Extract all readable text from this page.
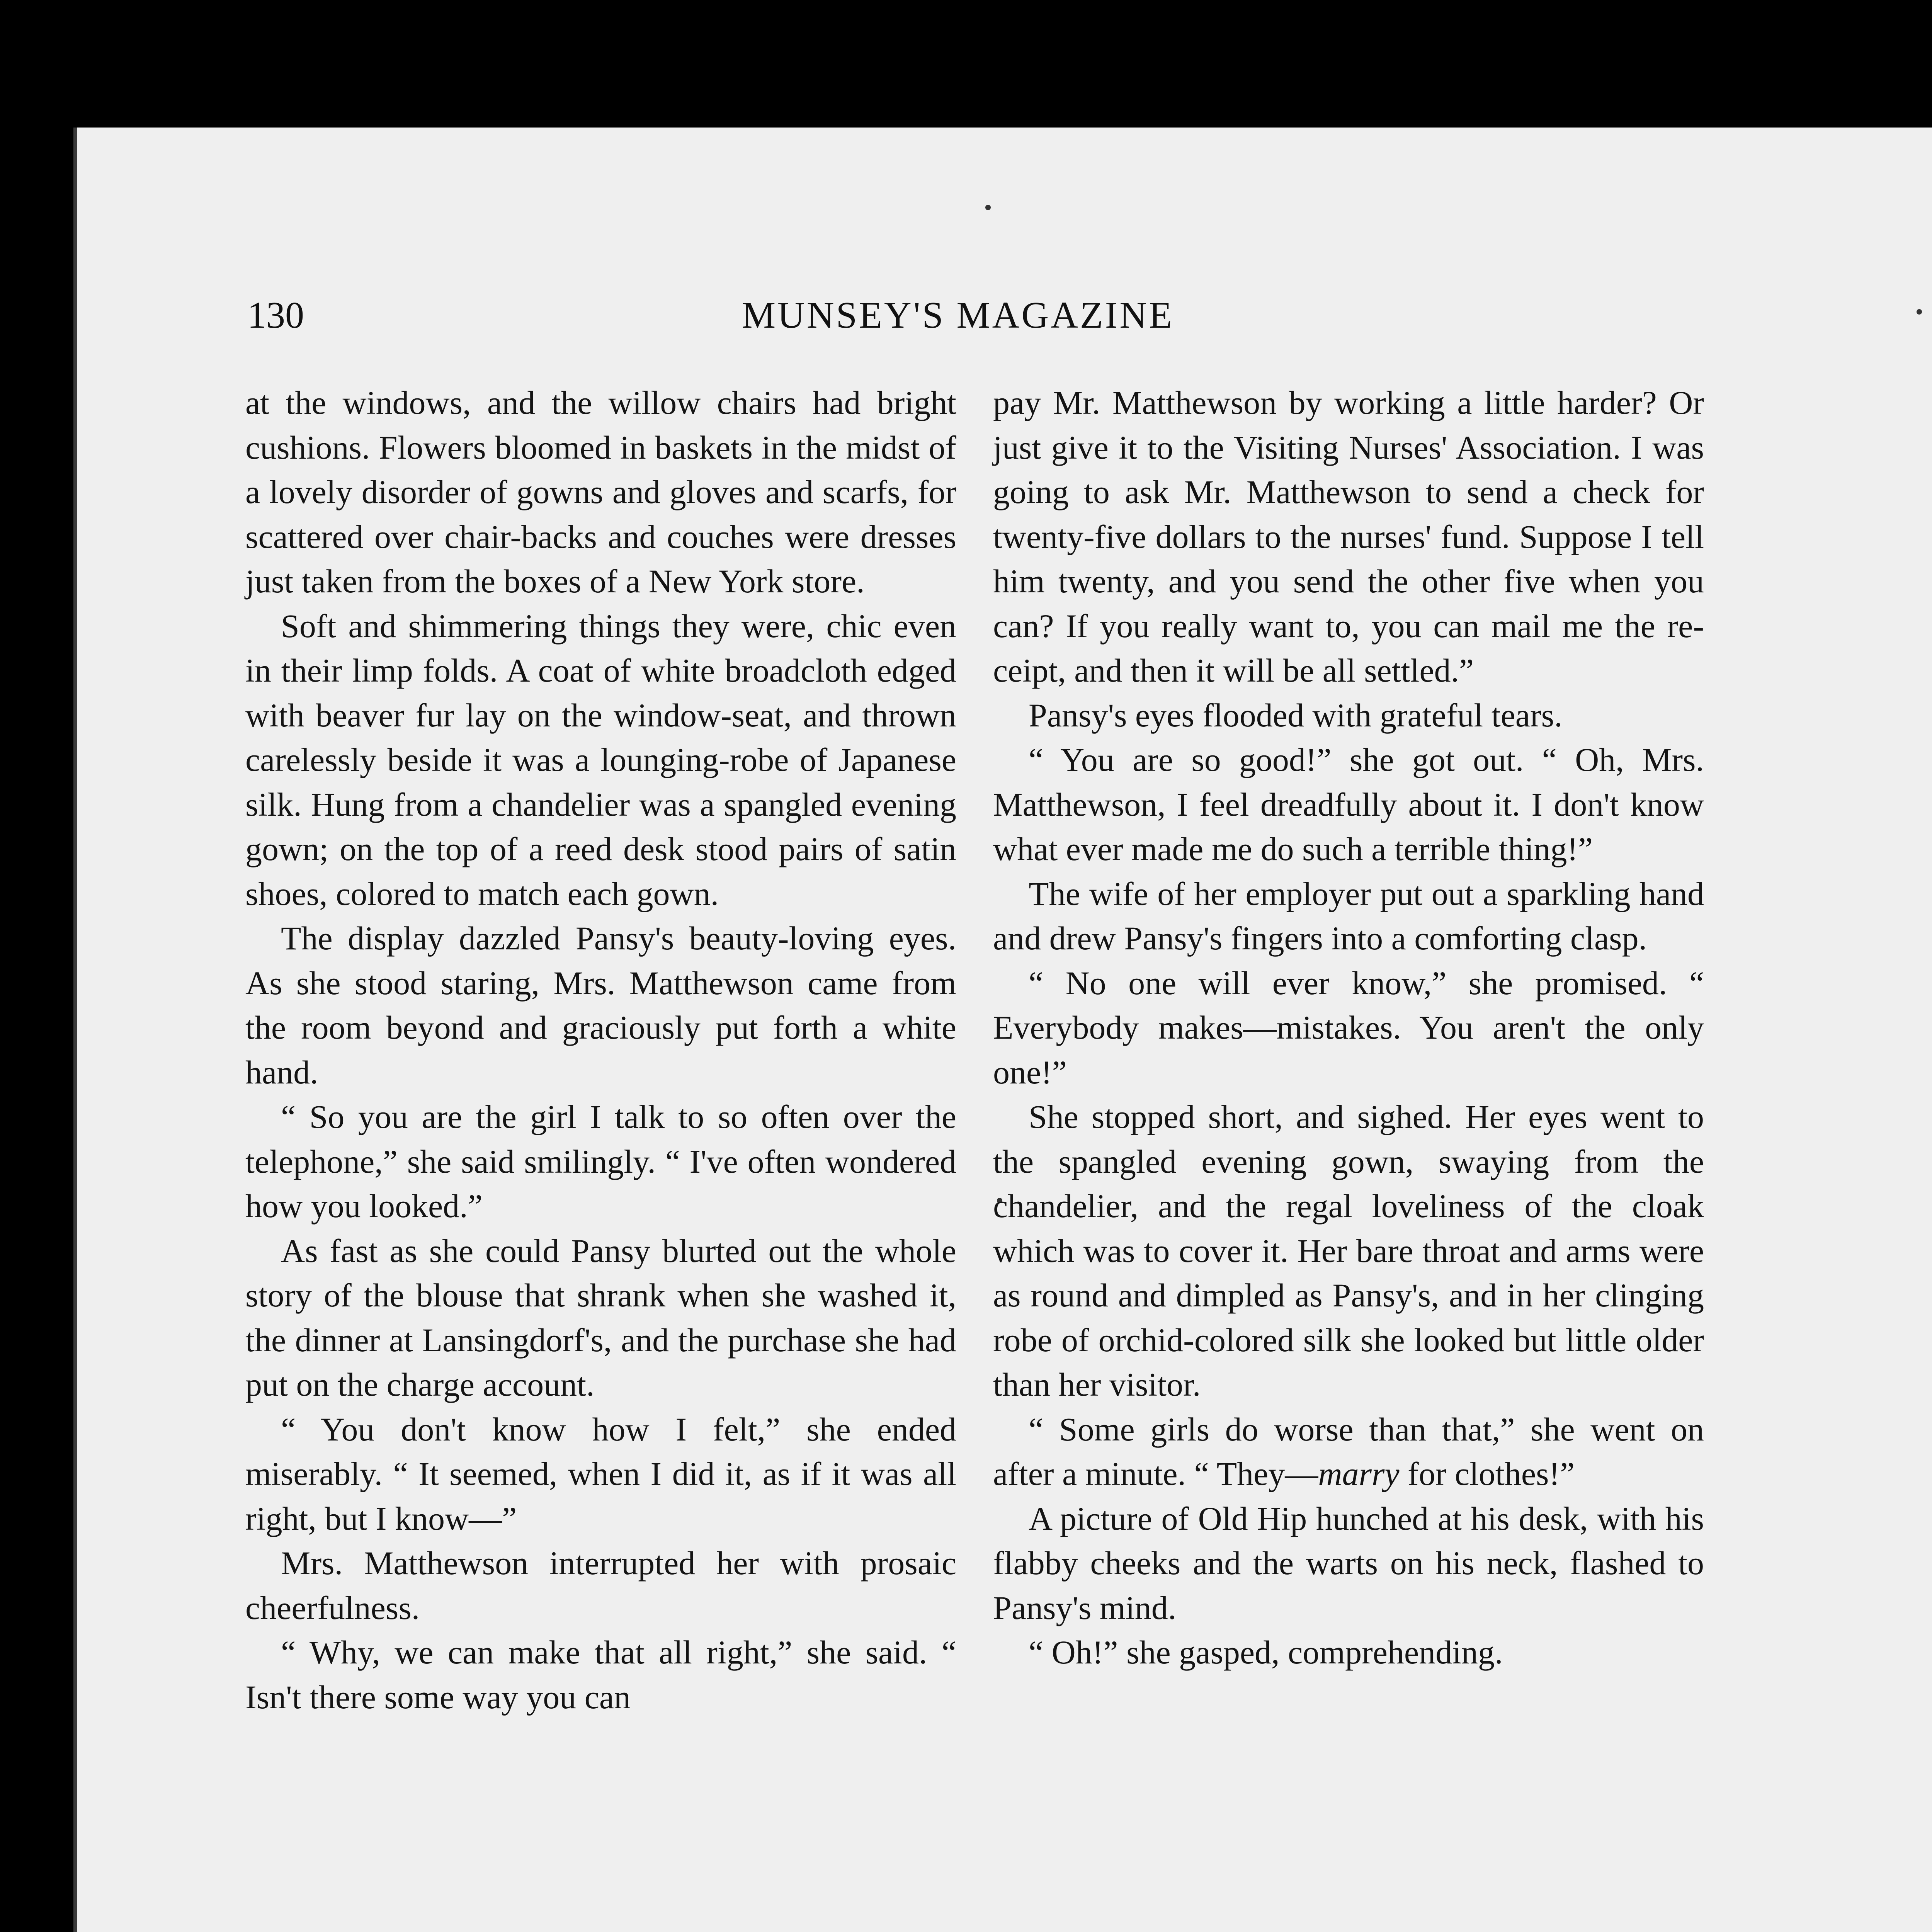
130	MUNSEY'S MAGAZINE

at the windows, and the willow chairs had bright cushions. Flowers bloomed in baskets in the midst of a lovely disorder of gowns and gloves and scarfs, for scattered over chair-backs and couches were dresses just taken from the boxes of a New York store.

Soft and shimmering things they were, chic even in their limp folds. A coat of white broadcloth edged with beaver fur lay on the window-seat, and thrown carelessly beside it was a lounging-robe of Japanese silk. Hung from a chandelier was a spangled evening gown; on the top of a reed desk stood pairs of satin shoes, colored to match each gown.

The display dazzled Pansy's beauty-loving eyes. As she stood staring, Mrs. Matthewson came from the room beyond and graciously put forth a white hand.

“ So you are the girl I talk to so often over the telephone,” she said smilingly. “ I've often wondered how you looked.”

As fast as she could Pansy blurted out the whole story of the blouse that shrank when she washed it, the dinner at Lansingdorf's, and the purchase she had put on the charge account.

“ You don't know how I felt,” she ended miserably. “ It seemed, when I did it, as if it was all right, but I know—”

Mrs. Matthewson interrupted her with prosaic cheerfulness.

“ Why, we can make that all right,” she said. “ Isn't there some way you can

pay Mr. Matthewson by working a little harder? Or just give it to the Visiting Nurses' Association. I was going to ask Mr. Matthewson to send a check for twenty-five dollars to the nurses' fund. Suppose I tell him twenty, and you send the other five when you can? If you really want to, you can mail me the receipt, and then it will be all settled.”

Pansy's eyes flooded with grateful tears.

“ You are so good!” she got out. “ Oh, Mrs. Matthewson, I feel dreadfully about it. I don't know what ever made me do such a terrible thing!”

The wife of her employer put out a sparkling hand and drew Pansy's fingers into a comforting clasp.

“ No one will ever know,” she promised. “ Everybody makes—mistakes. You aren't the only one!”

She stopped short, and sighed. Her eyes went to the spangled evening gown, swaying from the chandelier, and the regal loveliness of the cloak which was to cover it. Her bare throat and arms were as round and dimpled as Pansy's, and in her clinging robe of orchid-colored silk she looked but little older than her visitor.

“ Some girls do worse than that,” she went on after a minute. “ They—marry for clothes!”

A picture of Old Hip hunched at his desk, with his flabby cheeks and the warts on his neck, flashed to Pansy's mind.

“ Oh!” she gasped, comprehending.
